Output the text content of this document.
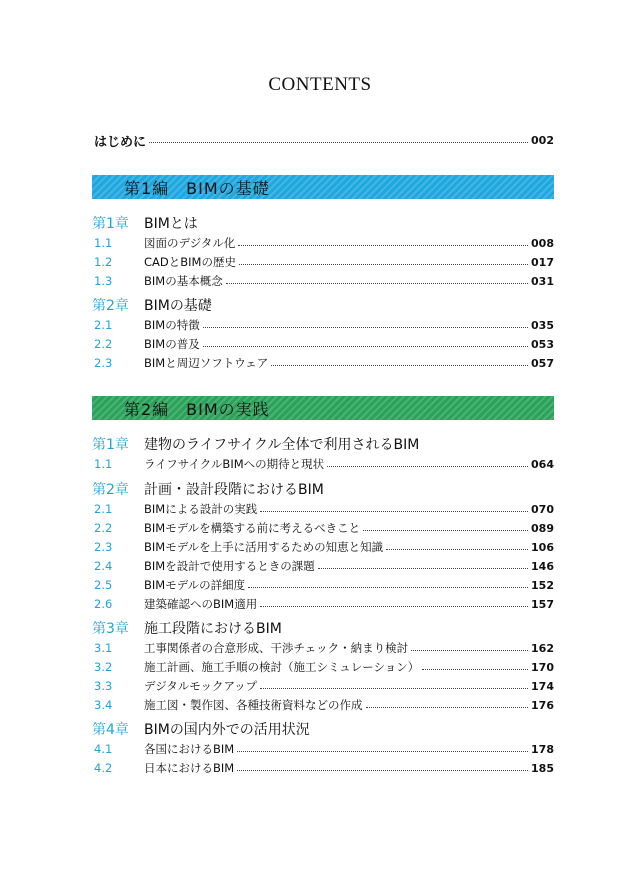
CONTENTS
はじめに	002
第1編　BIMの基礎
第1章	BIMとは
1.1	図面のデジタル化	008
1.2	CADとBIMの歴史	017
1.3	BIMの基本概念	031
第2章	BIMの基礎
2.1	BIMの特徴	035
2.2	BIMの普及	053
2.3	BIMと周辺ソフトウェア	057
第2編　BIMの実践
第1章	建物のライフサイクル全体で利用されるBIM
1.1	ライフサイクルBIMへの期待と現状	064
第2章	計画・設計段階におけるBIM
2.1	BIMによる設計の実践	070
2.2	BIMモデルを構築する前に考えるべきこと	089
2.3	BIMモデルを上手に活用するための知恵と知識	106
2.4	BIMを設計で使用するときの課題	146
2.5	BIMモデルの詳細度	152
2.6	建築確認へのBIM適用	157
第3章	施工段階におけるBIM
3.1	工事関係者の合意形成、干渉チェック・納まり検討	162
3.2	施工計画、施工手順の検討（施工シミュレーション）	170
3.3	デジタルモックアップ	174
3.4	施工図・製作図、各種技術資料などの作成	176
第4章	BIMの国内外での活用状況
4.1	各国におけるBIM	178
4.2	日本におけるBIM	185
